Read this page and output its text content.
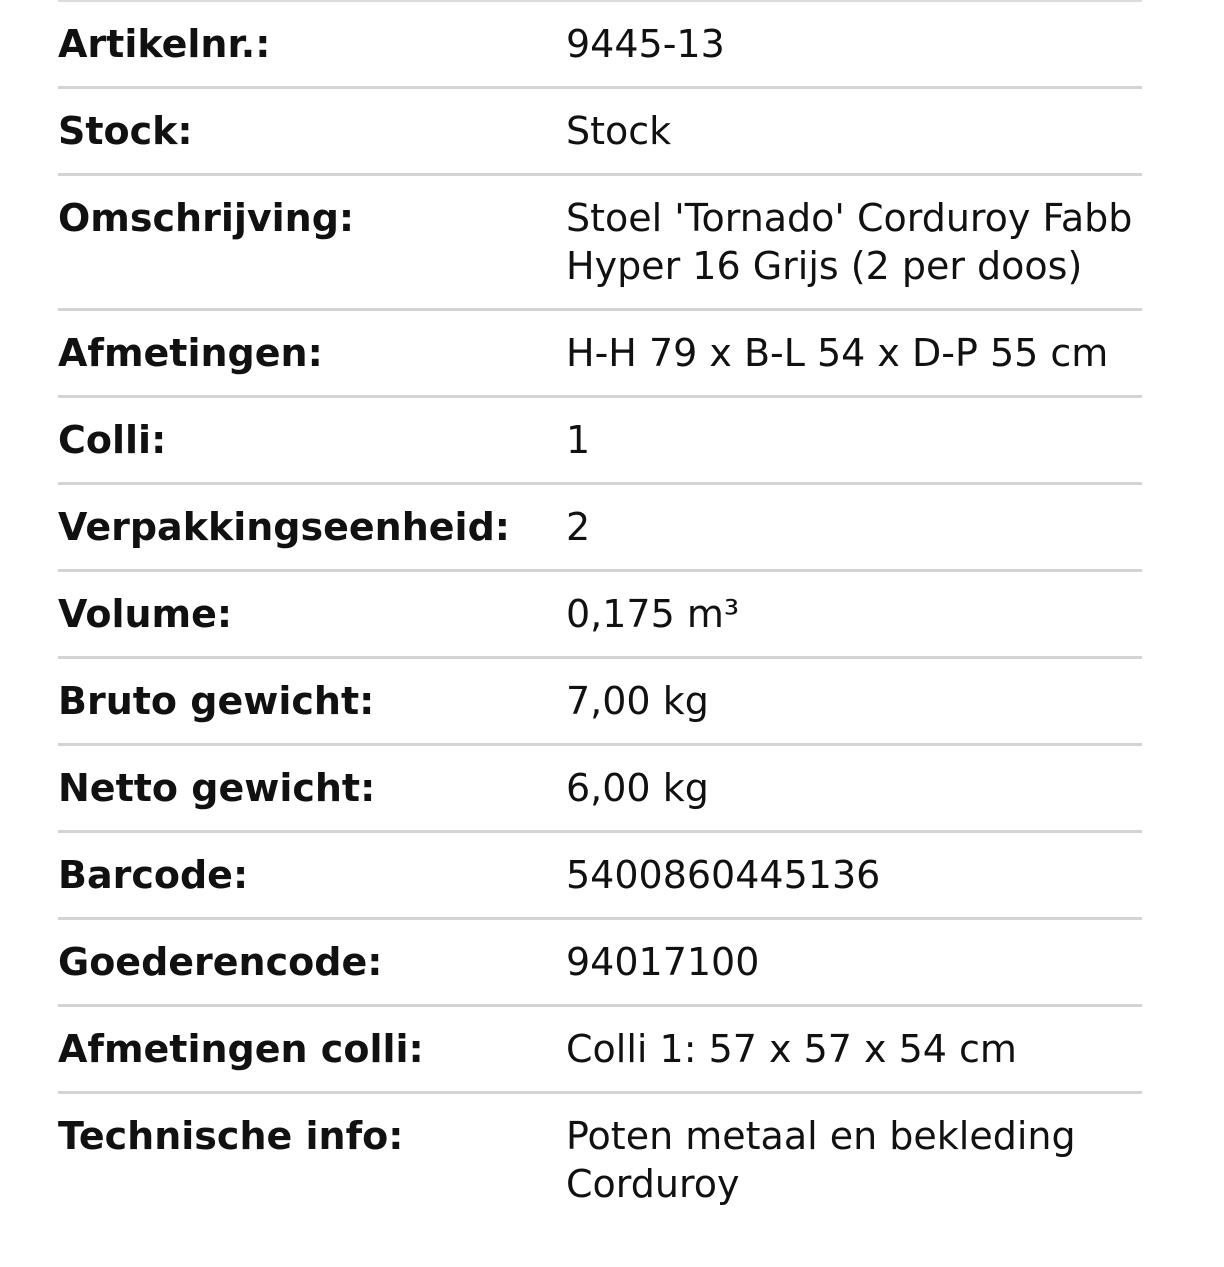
Artikelnr.:	9445-13
Stock:	Stock
Omschrijving:	Stoel 'Tornado' Corduroy Fabb Hyper 16 Grijs (2 per doos)
Afmetingen:	H-H 79 x B-L 54 x D-P 55 cm
Colli:	1
Verpakkingseenheid:	2
Volume:	0,175 m³
Bruto gewicht:	7,00 kg
Netto gewicht:	6,00 kg
Barcode:	5400860445136
Goederencode:	94017100
Afmetingen colli:	Colli 1: 57 x 57 x 54 cm
Technische info:	Poten metaal en bekleding Corduroy
